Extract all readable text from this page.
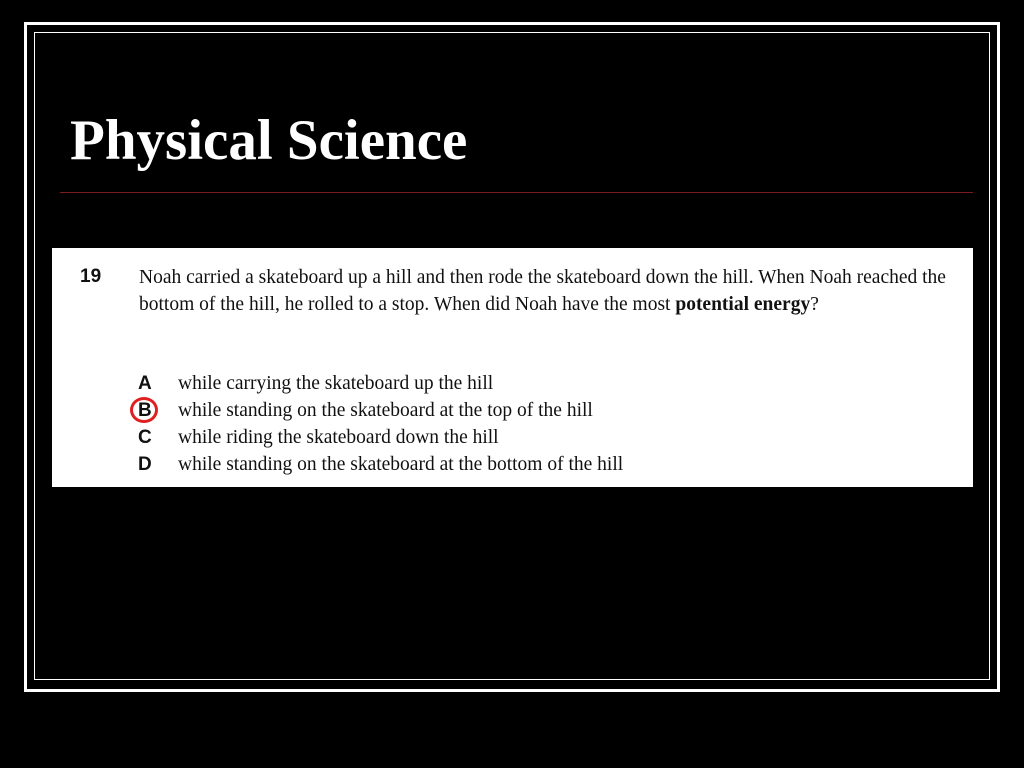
Physical Science
19 Noah carried a skateboard up a hill and then rode the skateboard down the hill. When Noah reached the bottom of the hill, he rolled to a stop. When did Noah have the most potential energy?
A	while carrying the skateboard up the hill
B	while standing on the skateboard at the top of the hill
C	while riding the skateboard down the hill
D	while standing on the skateboard at the bottom of the hill
